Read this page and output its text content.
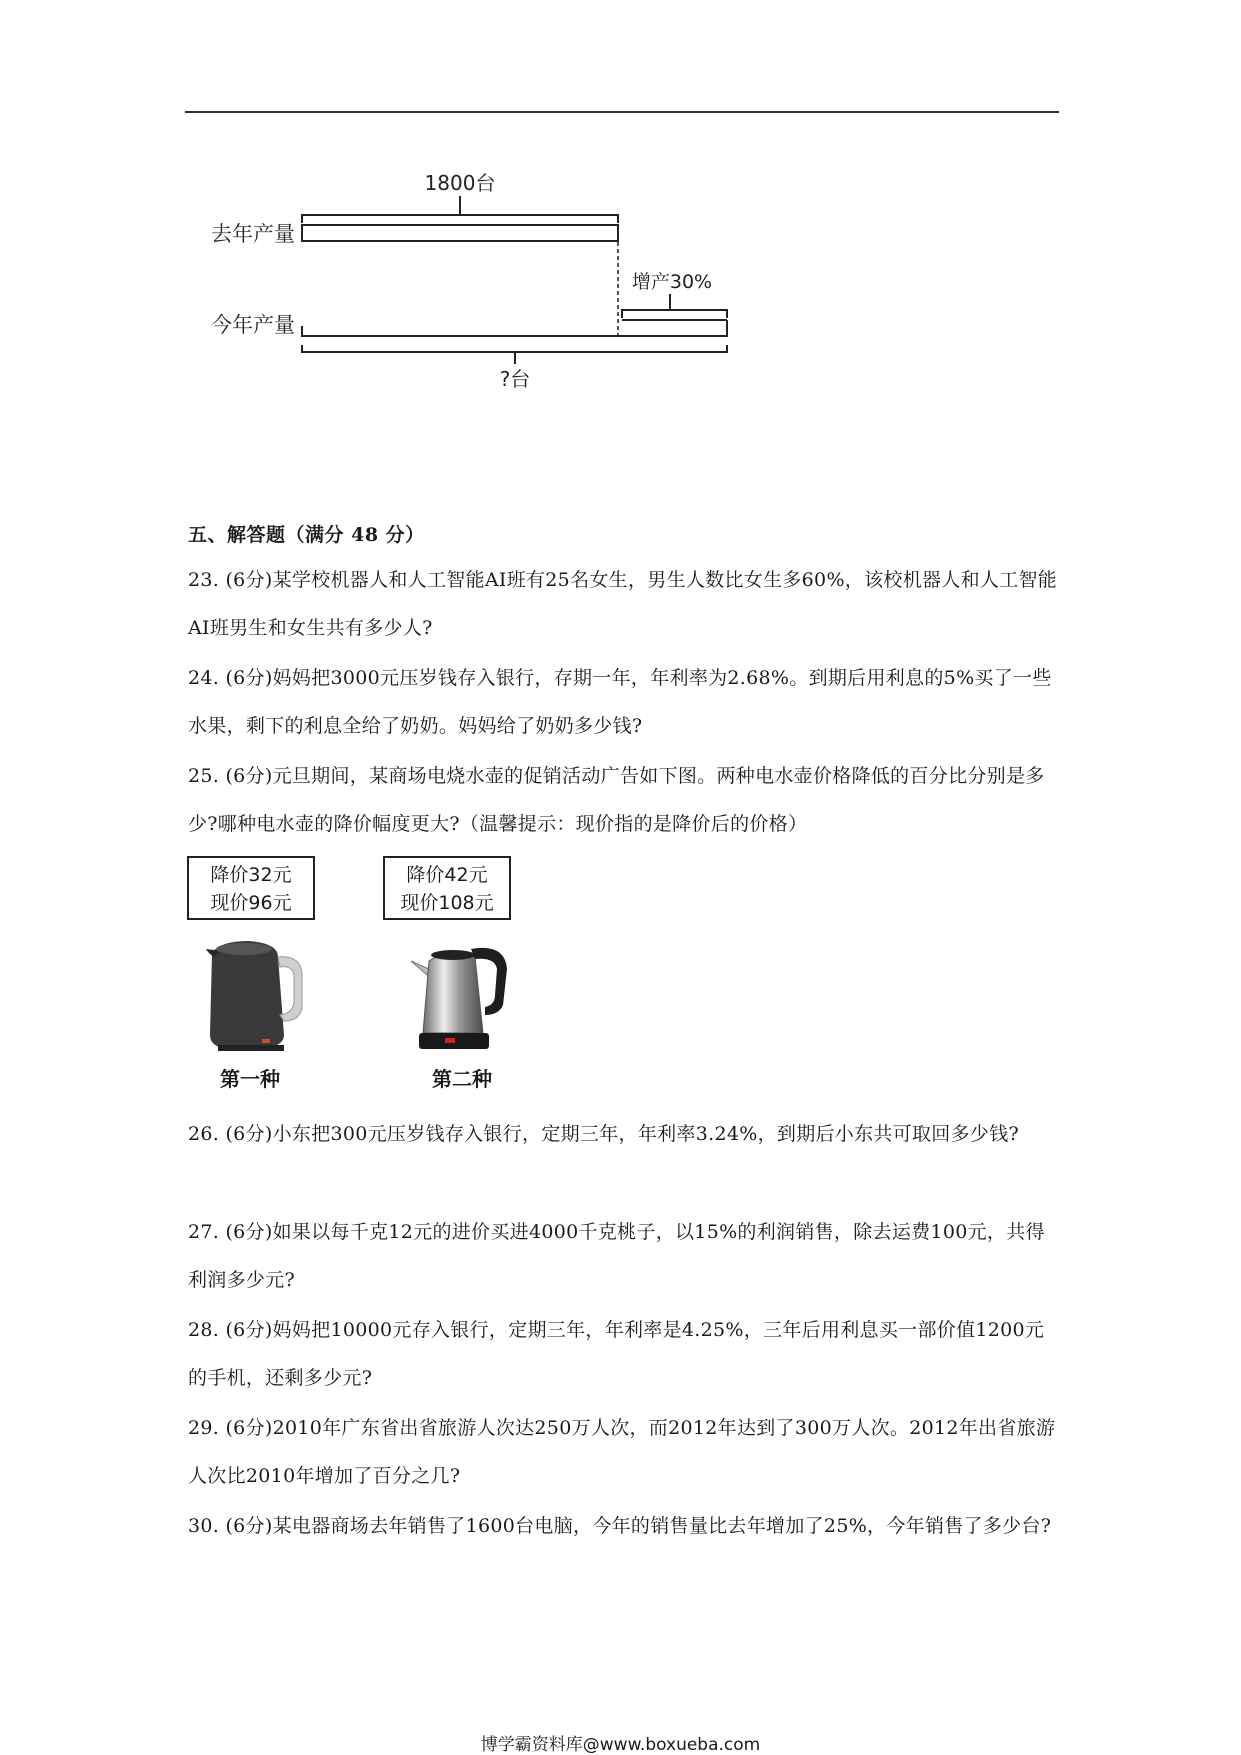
1800台
去年产量
增产30%
今年产量
?台
五、解答题（满分 48 分）
23. (6分)某学校机器人和人工智能AI班有25名女生，男生人数比女生多60%，该校机器人和人工智能AI班男生和女生共有多少人?
24. (6分)妈妈把3000元压岁钱存入银行，存期一年，年利率为2.68%。到期后用利息的5%买了一些水果，剩下的利息全给了奶奶。妈妈给了奶奶多少钱?
25. (6分)元旦期间，某商场电烧水壶的促销活动广告如下图。两种电水壶价格降低的百分比分别是多少?哪种电水壶的降价幅度更大?（温馨提示：现价指的是降价后的价格）
降价32元
现价96元
第一种
降价42元
现价108元
第二种
26. (6分)小东把300元压岁钱存入银行，定期三年，年利率3.24%，到期后小东共可取回多少钱?
27. (6分)如果以每千克12元的进价买进4000千克桃子，以15%的利润销售，除去运费100元，共得利润多少元?
28. (6分)妈妈把10000元存入银行，定期三年，年利率是4.25%，三年后用利息买一部价值1200元的手机，还剩多少元?
29. (6分)2010年广东省出省旅游人次达250万人次，而2012年达到了300万人次。2012年出省旅游人次比2010年增加了百分之几?
30. (6分)某电器商场去年销售了1600台电脑，今年的销售量比去年增加了25%，今年销售了多少台?
博学霸资料库@www.boxueba.com
